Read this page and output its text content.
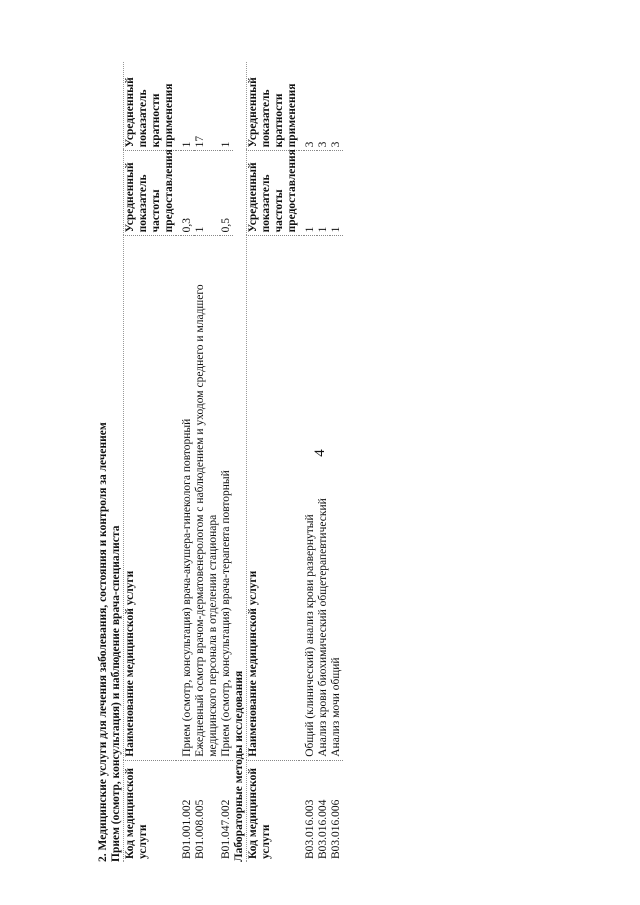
4
2. Медицинские услуги для лечения заболевания, состояния и контроля за лечением Прием (осмотр, консультация) и наблюдение врача-специалиста Код медицинской услуги	Наименование медицинской услуги	Усредненный показатель частоты предоставления	Усредненный показатель кратности применения

B01.001.002	Прием (осмотр, консультация) врача-акушера-гинеколога повторный	0,3	1
B01.008.005	Ежедневный осмотр врачом-дерматовенерологом с наблюдением и уходом среднего и младшего медицинского персонала в отделении стационара	1	17
B01.047.002	Прием (осмотр, консультация) врача-терапевта повторный	0,5	1
Лабораторные методы исследования Код медицинской услуги	Наименование медицинской услуги	Усредненный показатель частоты предоставления	Усредненный показатель кратности применения

B03.016.003	Общий (клинический) анализ крови развернутый	1	3
B03.016.004	Анализ крови биохимический общетерапевтический	1	3
B03.016.006	Анализ мочи общий	1	3
